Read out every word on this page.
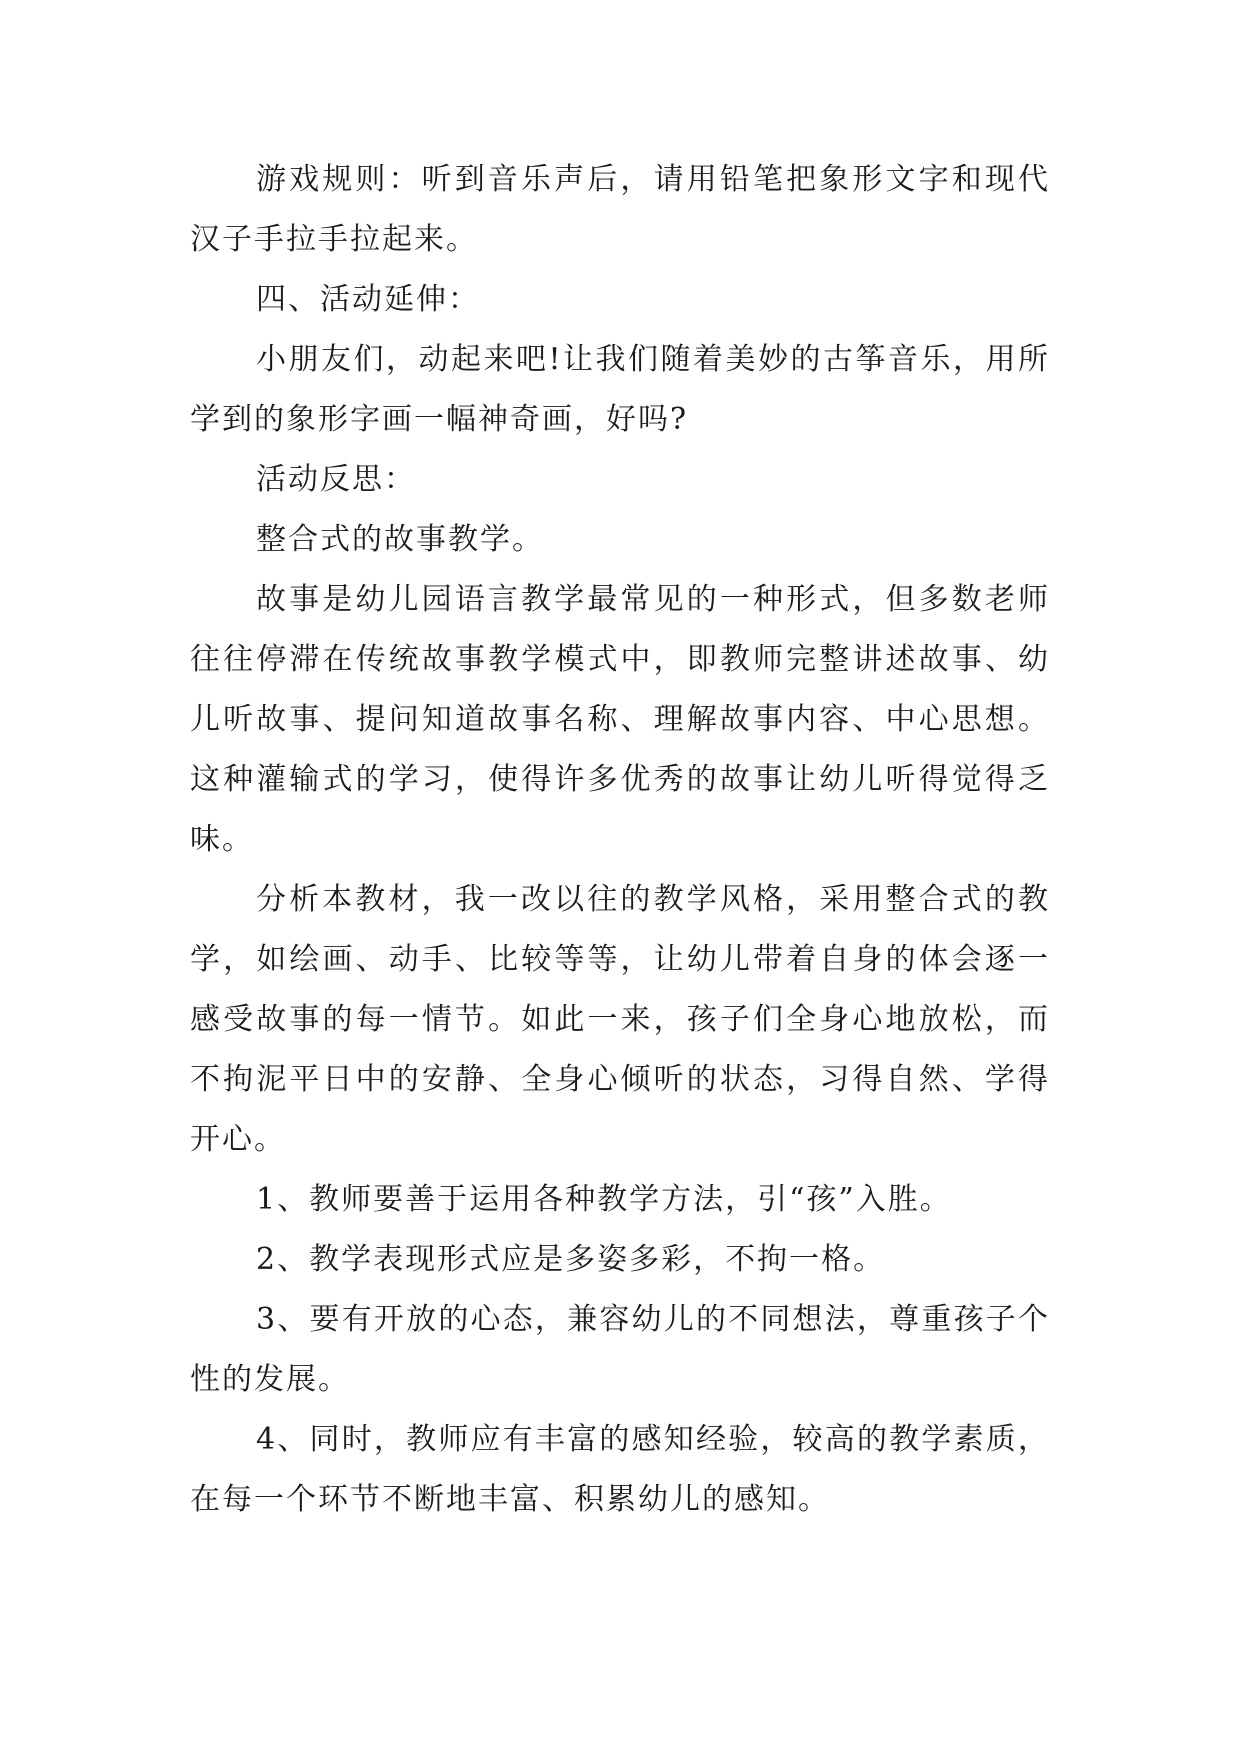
游戏规则：听到音乐声后，请用铅笔把象形文字和现代汉子手拉手拉起来。

四、活动延伸：

小朋友们，动起来吧!让我们随着美妙的古筝音乐，用所学到的象形字画一幅神奇画，好吗?

活动反思：

整合式的故事教学。

故事是幼儿园语言教学最常见的一种形式，但多数老师往往停滞在传统故事教学模式中，即教师完整讲述故事、幼儿听故事、提问知道故事名称、理解故事内容、中心思想。这种灌输式的学习，使得许多优秀的故事让幼儿听得觉得乏味。

分析本教材，我一改以往的教学风格，采用整合式的教学，如绘画、动手、比较等等，让幼儿带着自身的体会逐一感受故事的每一情节。如此一来，孩子们全身心地放松，而不拘泥平日中的安静、全身心倾听的状态，习得自然、学得开心。

1、教师要善于运用各种教学方法，引“孩”入胜。

2、教学表现形式应是多姿多彩，不拘一格。

3、要有开放的心态，兼容幼儿的不同想法，尊重孩子个性的发展。

4、同时，教师应有丰富的感知经验，较高的教学素质，在每一个环节不断地丰富、积累幼儿的感知。
